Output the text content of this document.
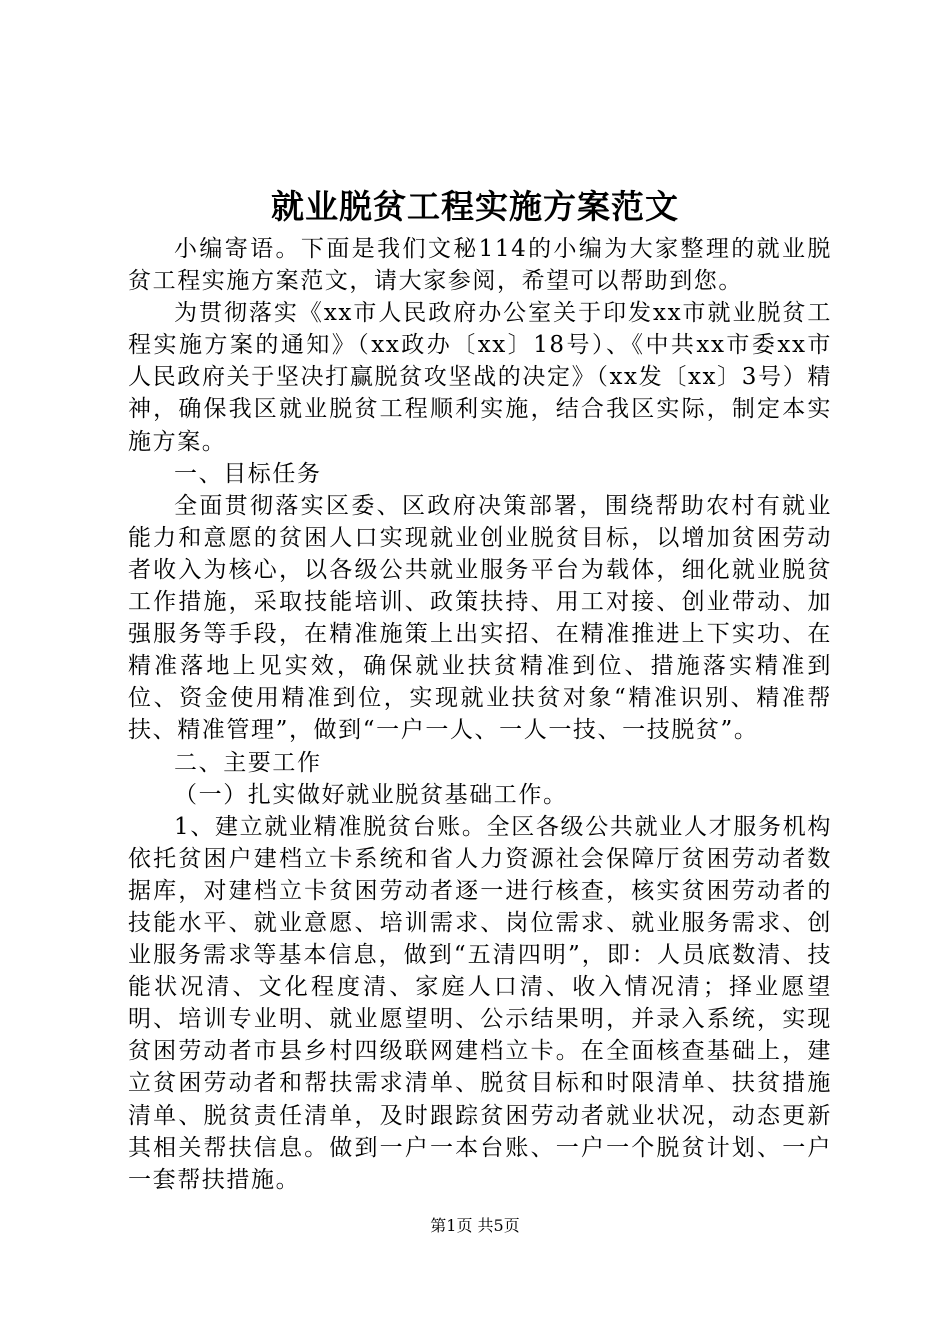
就业脱贫工程实施方案范文

小编寄语。下面是我们文秘114的小编为大家整理的就业脱贫工程实施方案范文，请大家参阅，希望可以帮助到您。

为贯彻落实《xx市人民政府办公室关于印发xx市就业脱贫工程实施方案的通知》（xx政办〔xx〕18号）、《中共xx市委xx市人民政府关于坚决打赢脱贫攻坚战的决定》（xx发〔xx〕3号）精神，确保我区就业脱贫工程顺利实施，结合我区实际，制定本实施方案。

一、目标任务

全面贯彻落实区委、区政府决策部署，围绕帮助农村有就业能力和意愿的贫困人口实现就业创业脱贫目标，以增加贫困劳动者收入为核心，以各级公共就业服务平台为载体，细化就业脱贫工作措施，采取技能培训、政策扶持、用工对接、创业带动、加强服务等手段，在精准施策上出实招、在精准推进上下实功、在精准落地上见实效，确保就业扶贫精准到位、措施落实精准到位、资金使用精准到位，实现就业扶贫对象“精准识别、精准帮扶、精准管理”，做到“一户一人、一人一技、一技脱贫”。

二、主要工作

（一）扎实做好就业脱贫基础工作。

1、建立就业精准脱贫台账。全区各级公共就业人才服务机构依托贫困户建档立卡系统和省人力资源社会保障厅贫困劳动者数据库，对建档立卡贫困劳动者逐一进行核查，核实贫困劳动者的技能水平、就业意愿、培训需求、岗位需求、就业服务需求、创业服务需求等基本信息，做到“五清四明”，即：人员底数清、技能状况清、文化程度清、家庭人口清、收入情况清；择业愿望明、培训专业明、就业愿望明、公示结果明，并录入系统，实现贫困劳动者市县乡村四级联网建档立卡。在全面核查基础上，建立贫困劳动者和帮扶需求清单、脱贫目标和时限清单、扶贫措施清单、脱贫责任清单，及时跟踪贫困劳动者就业状况，动态更新其相关帮扶信息。做到一户一本台账、一户一个脱贫计划、一户一套帮扶措施。

第1页 共5页
